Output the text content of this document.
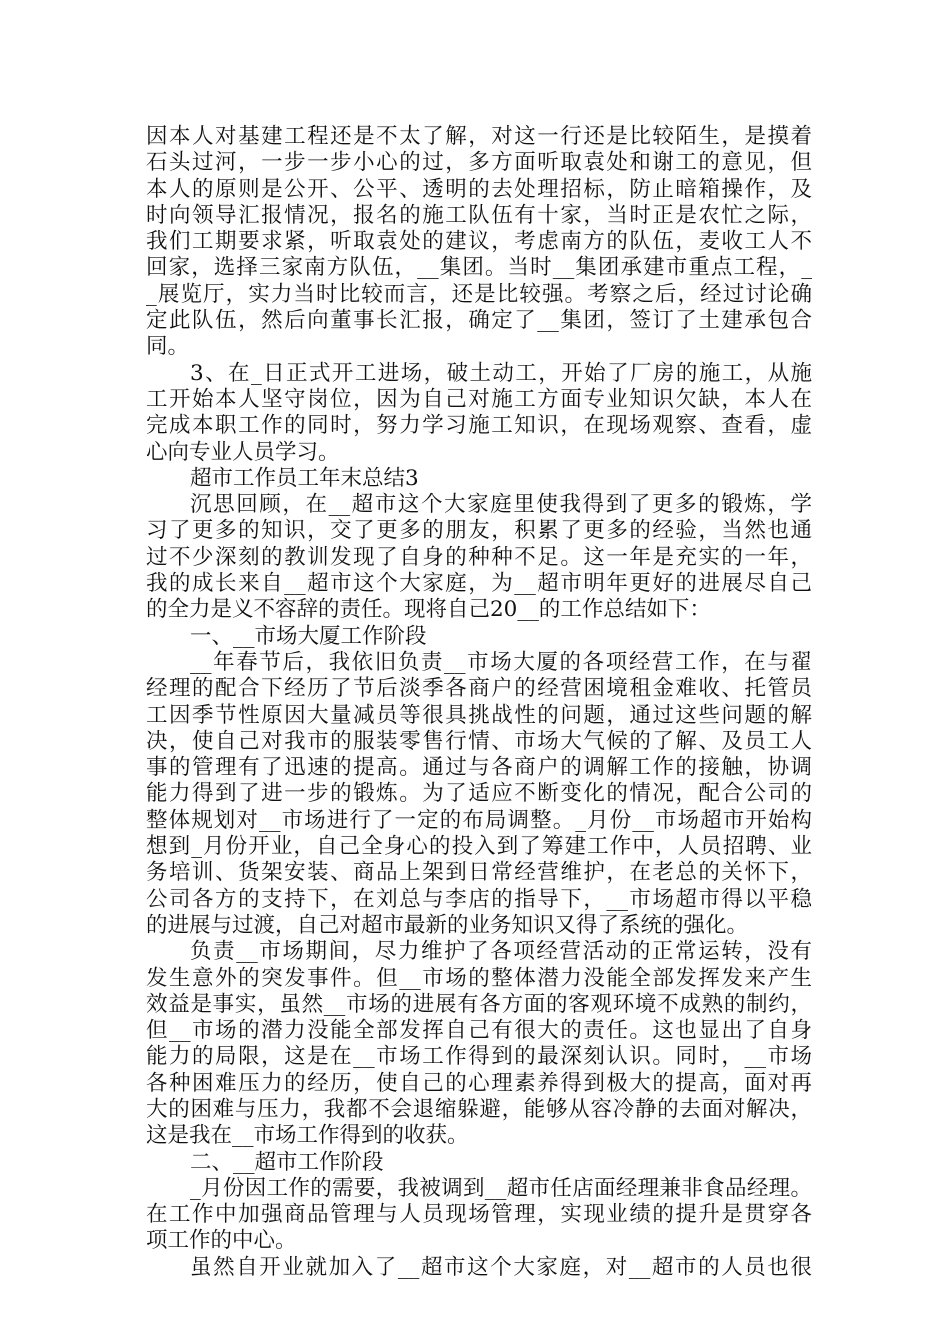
因本人对基建工程还是不太了解，对这一行还是比较陌生，是摸着
石头过河，一步一步小心的过，多方面听取袁处和谢工的意见，但
本人的原则是公开、公平、透明的去处理招标，防止暗箱操作，及
时向领导汇报情况，报名的施工队伍有十家，当时正是农忙之际，
我们工期要求紧，听取袁处的建议，考虑南方的队伍，麦收工人不
回家，选择三家南方队伍，__集团。当时__集团承建市重点工程，_
_展览厅，实力当时比较而言，还是比较强。考察之后，经过讨论确
定此队伍，然后向董事长汇报，确定了__集团，签订了土建承包合
同。
3、在_日正式开工进场，破土动工，开始了厂房的施工，从施
工开始本人坚守岗位，因为自己对施工方面专业知识欠缺，本人在
完成本职工作的同时，努力学习施工知识，在现场观察、查看，虚
心向专业人员学习。
超市工作员工年末总结3
沉思回顾，在__超市这个大家庭里使我得到了更多的锻炼，学
习了更多的知识，交了更多的朋友，积累了更多的经验，当然也通
过不少深刻的教训发现了自身的种种不足。这一年是充实的一年，
我的成长来自__超市这个大家庭，为__超市明年更好的进展尽自己
的全力是义不容辞的责任。现将自己20__的工作总结如下：
一、__市场大厦工作阶段
__年春节后，我依旧负责__市场大厦的各项经营工作，在与翟
经理的配合下经历了节后淡季各商户的经营困境租金难收、托管员
工因季节性原因大量减员等很具挑战性的问题，通过这些问题的解
决，使自己对我市的服装零售行情、市场大气候的了解、及员工人
事的管理有了迅速的提高。通过与各商户的调解工作的接触，协调
能力得到了进一步的锻炼。为了适应不断变化的情况，配合公司的
整体规划对__市场进行了一定的布局调整。_月份__市场超市开始构
想到_月份开业，自己全身心的投入到了筹建工作中，人员招聘、业
务培训、货架安装、商品上架到日常经营维护，在老总的关怀下，
公司各方的支持下，在刘总与李店的指导下，__市场超市得以平稳
的进展与过渡，自己对超市最新的业务知识又得了系统的强化。
负责__市场期间，尽力维护了各项经营活动的正常运转，没有
发生意外的突发事件。但__市场的整体潜力没能全部发挥发来产生
效益是事实，虽然__市场的进展有各方面的客观环境不成熟的制约，
但__市场的潜力没能全部发挥自己有很大的责任。这也显出了自身
能力的局限，这是在__市场工作得到的最深刻认识。同时，__市场
各种困难压力的经历，使自己的心理素养得到极大的提高，面对再
大的困难与压力，我都不会退缩躲避，能够从容冷静的去面对解决，
这是我在__市场工作得到的收获。
二、__超市工作阶段
_月份因工作的需要，我被调到__超市任店面经理兼非食品经理。
在工作中加强商品管理与人员现场管理，实现业绩的提升是贯穿各
项工作的中心。
虽然自开业就加入了__超市这个大家庭，对__超市的人员也很
